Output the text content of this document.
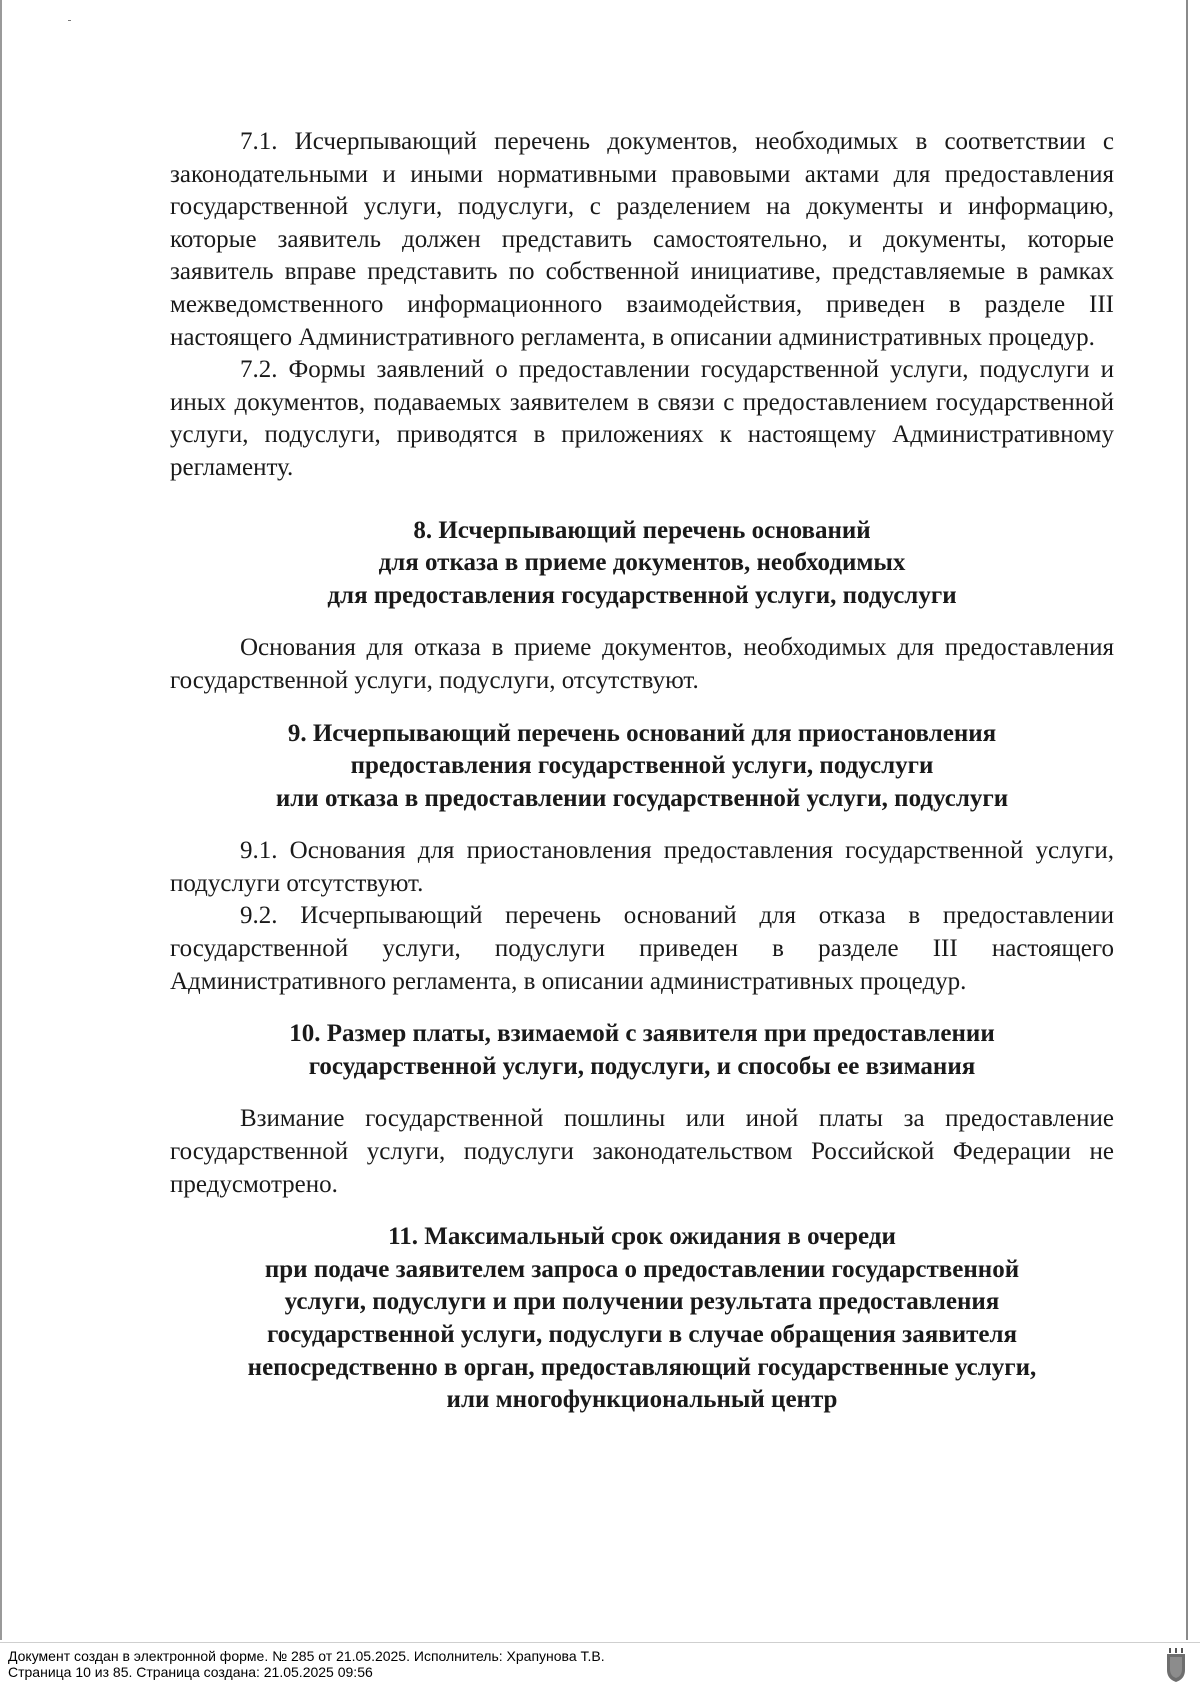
7.1. Исчерпывающий перечень документов, необходимых в соответствии с законодательными и иными нормативными правовыми актами для предоставления государственной услуги, подуслуги, с разделением на документы и информацию, которые заявитель должен представить самостоятельно, и документы, которые заявитель вправе представить по собственной инициативе, представляемые в рамках межведомственного информационного взаимодействия, приведен в разделе III настоящего Административного регламента, в описании административных процедур.

7.2. Формы заявлений о предоставлении государственной услуги, подуслуги и иных документов, подаваемых заявителем в связи с предоставлением государственной услуги, подуслуги, приводятся в приложениях к настоящему Административному регламенту.

8. Исчерпывающий перечень оснований
для отказа в приеме документов, необходимых
для предоставления государственной услуги, подуслуги

Основания для отказа в приеме документов, необходимых для предоставления государственной услуги, подуслуги, отсутствуют.

9. Исчерпывающий перечень оснований для приостановления
предоставления государственной услуги, подуслуги
или отказа в предоставлении государственной услуги, подуслуги

9.1. Основания для приостановления предоставления государственной услуги, подуслуги отсутствуют.

9.2. Исчерпывающий перечень оснований для отказа в предоставлении государственной услуги, подуслуги приведен в разделе III настоящего Административного регламента, в описании административных процедур.

10. Размер платы, взимаемой с заявителя при предоставлении
государственной услуги, подуслуги, и способы ее взимания

Взимание государственной пошлины или иной платы за предоставление государственной услуги, подуслуги законодательством Российской Федерации не предусмотрено.

11. Максимальный срок ожидания в очереди
при подаче заявителем запроса о предоставлении государственной
услуги, подуслуги и при получении результата предоставления
государственной услуги, подуслуги в случае обращения заявителя
непосредственно в орган, предоставляющий государственные услуги,
или многофункциональный центр
Документ создан в электронной форме. № 285 от 21.05.2025. Исполнитель: Храпунова Т.В.
Страница 10 из 85. Страница создана: 21.05.2025 09:56
